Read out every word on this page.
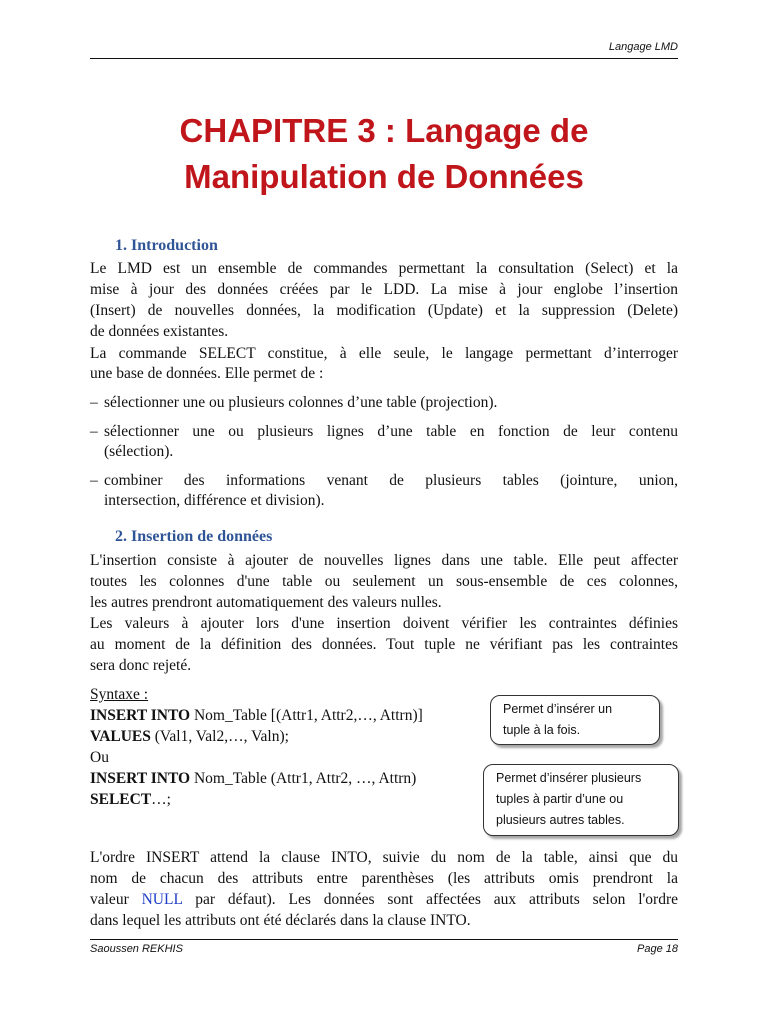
Langage LMD
CHAPITRE 3 : Langage de
Manipulation de Données
1. Introduction
Le LMD est un ensemble de commandes permettant la consultation (Select) et la
mise à jour des données créées par le LDD. La mise à jour englobe l’insertion
(Insert) de nouvelles données, la modification (Update) et la suppression (Delete)
de données existantes.
La commande SELECT constitue, à elle seule, le langage permettant d’interroger
une base de données. Elle permet de :
– sélectionner une ou plusieurs colonnes d’une table (projection).
– sélectionner une ou plusieurs lignes d’une table en fonction de leur contenu
(sélection).
– combiner des informations venant de plusieurs tables (jointure, union,
intersection, différence et division).
2. Insertion de données
L'insertion consiste à ajouter de nouvelles lignes dans une table. Elle peut affecter
toutes les colonnes d'une table ou seulement un sous-ensemble de ces colonnes,
les autres prendront automatiquement des valeurs nulles.
Les valeurs à ajouter lors d'une insertion doivent vérifier les contraintes définies
au moment de la définition des données. Tout tuple ne vérifiant pas les contraintes
sera donc rejeté.
Syntaxe :
INSERT INTO Nom_Table [(Attr1, Attr2,…, Attrn)]
VALUES (Val1, Val2,…, Valn);
Ou
INSERT INTO Nom_Table (Attr1, Attr2, …, Attrn)
SELECT…;
Permet d’insérer un
tuple à la fois.
Permet d’insérer plusieurs
tuples à partir d’une ou
plusieurs autres tables.
L'ordre INSERT attend la clause INTO, suivie du nom de la table, ainsi que du
nom de chacun des attributs entre parenthèses (les attributs omis prendront la
valeur NULL par défaut). Les données sont affectées aux attributs selon l'ordre
dans lequel les attributs ont été déclarés dans la clause INTO.
Saoussen REKHIS	Page 18
